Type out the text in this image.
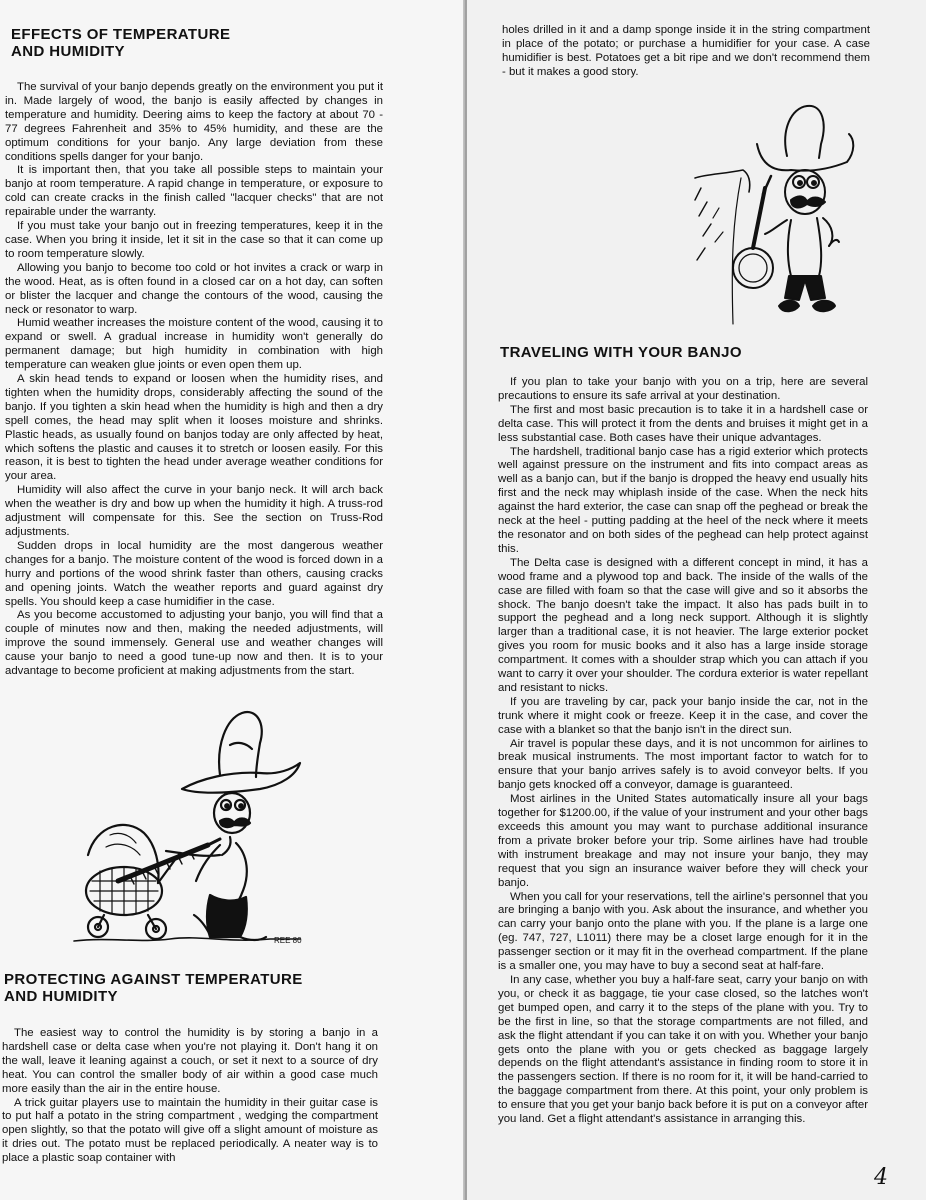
EFFECTS OF TEMPERATURE
AND HUMIDITY

The survival of your banjo depends greatly on the environment you put it in. Made largely of wood, the banjo is easily affected by changes in temperature and humidity. Deering aims to keep the factory at about 70 - 77 degrees Fahrenheit and 35% to 45% humidity, and these are the optimum conditions for your banjo. Any large deviation from these conditions spells danger for your banjo.

It is important then, that you take all possible steps to maintain your banjo at room temperature. A rapid change in temperature, or exposure to cold can create cracks in the finish called "lacquer checks" that are not repairable under the warranty.

If you must take your banjo out in freezing temperatures, keep it in the case. When you bring it inside, let it sit in the case so that it can come up to room temperature slowly.

Allowing you banjo to become too cold or hot invites a crack or warp in the wood. Heat, as is often found in a closed car on a hot day, can soften or blister the lacquer and change the contours of the wood, causing the neck or resonator to warp.

Humid weather increases the moisture content of the wood, causing it to expand or swell. A gradual increase in humidity won't generally do permanent damage; but high humidity in combination with high temperature can weaken glue joints or even open them up.

A skin head tends to expand or loosen when the humidity rises, and tighten when the humidity drops, considerably affecting the sound of the banjo. If you tighten a skin head when the humidity is high and then a dry spell comes, the head may split when it looses moisture and shrinks. Plastic heads, as usually found on banjos today are only affected by heat, which softens the plastic and causes it to stretch or loosen easily. For this reason, it is best to tighten the head under average weather conditions for your area.

Humidity will also affect the curve in your banjo neck. It will arch back when the weather is dry and bow up when the humidity it high. A truss-rod adjustment will compensate for this. See the section on Truss-Rod adjustments.

Sudden drops in local humidity are the most dangerous weather changes for a banjo. The moisture content of the wood is forced down in a hurry and portions of the wood shrink faster than others, causing cracks and opening joints. Watch the weather reports and guard against dry spells. You should keep a case humidifier in the case.

As you become accustomed to adjusting your banjo, you will find that a couple of minutes now and then, making the needed adjustments, will improve the sound immensely. General use and weather changes will cause your banjo to need a good tune-up now and then. It is to your advantage to become proficient at making adjustments from the start.

REE 80
PROTECTING AGAINST TEMPERATURE
AND HUMIDITY

The easiest way to control the humidity is by storing a banjo in a hardshell case or delta case when you're not playing it. Don't hang it on the wall, leave it leaning against a couch, or set it next to a source of dry heat. You can control the smaller body of air within a good case much more easily than the air in the entire house.

A trick guitar players use to maintain the humidity in their guitar case is to put half a potato in the string compartment , wedging the compartment open slightly, so that the potato will give off a slight amount of moisture as it dries out. The potato must be replaced periodically. A neater way is to place a plastic soap container with

holes drilled in it and a damp sponge inside it in the string compartment in place of the potato; or purchase a humidifier for your case. A case humidifier is best. Potatoes get a bit ripe and we don't recommend them - but it makes a good story.

TRAVELING WITH YOUR BANJO

If you plan to take your banjo with you on a trip, here are several precautions to ensure its safe arrival at your destination.

The first and most basic precaution is to take it in a hardshell case or delta case. This will protect it from the dents and bruises it might get in a less substantial case. Both cases have their unique advantages.

The hardshell, traditional banjo case has a rigid exterior which protects well against pressure on the instrument and fits into compact areas as well as a banjo can, but if the banjo is dropped the heavy end usually hits first and the neck may whiplash inside of the case. When the neck hits against the hard exterior, the case can snap off the peghead or break the neck at the heel - putting padding at the heel of the neck where it meets the resonator and on both sides of the peghead can help protect against this.

The Delta case is designed with a different concept in mind, it has a wood frame and a plywood top and back. The inside of the walls of the case are filled with foam so that the case will give and so it absorbs the shock. The banjo doesn't take the impact. It also has pads built in to support the peghead and a long neck support. Although it is slightly larger than a traditional case, it is not heavier. The large exterior pocket gives you room for music books and it also has a large inside storage compartment. It comes with a shoulder strap which you can attach if you want to carry it over your shoulder. The cordura exterior is water repellant and resistant to nicks.

If you are traveling by car, pack your banjo inside the car, not in the trunk where it might cook or freeze. Keep it in the case, and cover the case with a blanket so that the banjo isn't in the direct sun.

Air travel is popular these days, and it is not uncommon for airlines to break musical instruments. The most important factor to watch for to ensure that your banjo arrives safely is to avoid conveyor belts. If you banjo gets knocked off a conveyor, damage is guaranteed.

Most airlines in the United States automatically insure all your bags together for $1200.00, if the value of your instrument and your other bags exceeds this amount you may want to purchase additional insurance from a private broker before your trip. Some airlines have had trouble with instrument breakage and may not insure your banjo, they may request that you sign an insurance waiver before they will check your banjo.

When you call for your reservations, tell the airline's personnel that you are bringing a banjo with you. Ask about the insurance, and whether you can carry your banjo onto the plane with you. If the plane is a large one (eg. 747, 727, L1011) there may be a closet large enough for it in the passenger section or it may fit in the overhead compartment. If the plane is a smaller one, you may have to buy a second seat at half-fare.

In any case, whether you buy a half-fare seat, carry your banjo on with you, or check it as baggage, tie your case closed, so the latches won't get bumped open, and carry it to the steps of the plane with you. Try to be the first in line, so that the storage compartments are not filled, and ask the flight attendant if you can take it on with you. Whether your banjo gets onto the plane with you or gets checked as baggage largely depends on the flight attendant's assistance in finding room to store it in the passengers section. If there is no room for it, it will be hand-carried to the baggage compartment from there. At this point, your only problem is to ensure that you get your banjo back before it is put on a conveyor after you land. Get a flight attendant's assistance in arranging this.

4
